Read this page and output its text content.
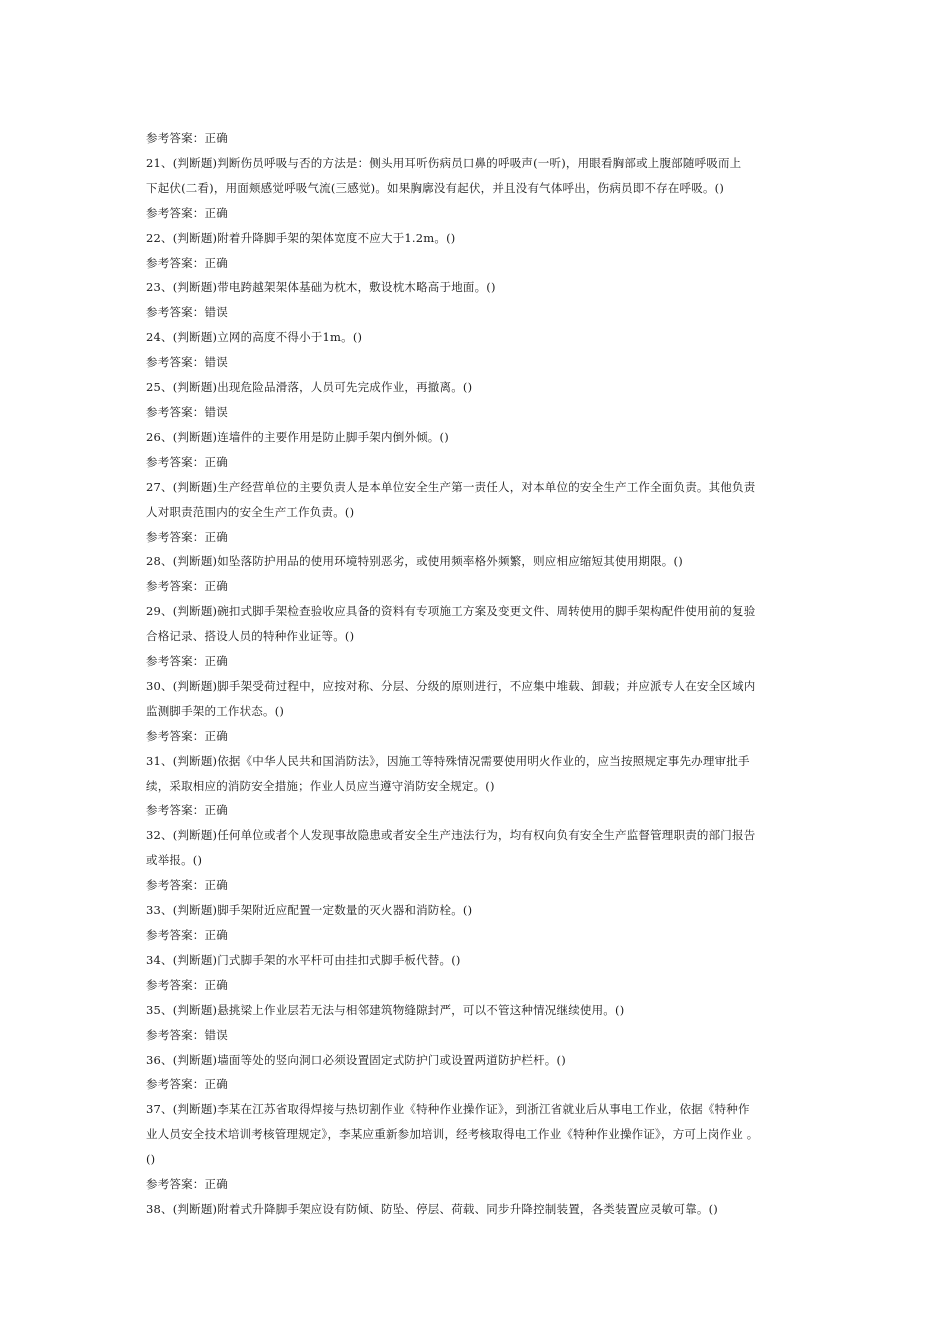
参考答案：正确
21、(判断题)判断伤员呼吸与否的方法是：侧头用耳听伤病员口鼻的呼吸声(一听)，用眼看胸部或上腹部随呼吸而上
下起伏(二看)，用面颊感觉呼吸气流(三感觉)。如果胸廓没有起伏，并且没有气体呼出，伤病员即不存在呼吸。()
参考答案：正确
22、(判断题)附着升降脚手架的架体宽度不应大于1.2m。()
参考答案：正确
23、(判断题)带电跨越架架体基础为枕木，敷设枕木略高于地面。()
参考答案：错误
24、(判断题)立网的高度不得小于1m。()
参考答案：错误
25、(判断题)出现危险品滑落，人员可先完成作业，再撤离。()
参考答案：错误
26、(判断题)连墙件的主要作用是防止脚手架内倒外倾。()
参考答案：正确
27、(判断题)生产经营单位的主要负责人是本单位安全生产第一责任人，对本单位的安全生产工作全面负责。其他负责
人对职责范围内的安全生产工作负责。()
参考答案：正确
28、(判断题)如坠落防护用品的使用环境特别恶劣，或使用频率格外频繁，则应相应缩短其使用期限。()
参考答案：正确
29、(判断题)碗扣式脚手架检查验收应具备的资料有专项施工方案及变更文件、周转使用的脚手架构配件使用前的复验
合格记录、搭设人员的特种作业证等。()
参考答案：正确
30、(判断题)脚手架受荷过程中，应按对称、分层、分级的原则进行，不应集中堆载、卸载；并应派专人在安全区域内
监测脚手架的工作状态。()
参考答案：正确
31、(判断题)依据《中华人民共和国消防法》，因施工等特殊情况需要使用明火作业的，应当按照规定事先办理审批手
续，采取相应的消防安全措施；作业人员应当遵守消防安全规定。()
参考答案：正确
32、(判断题)任何单位或者个人发现事故隐患或者安全生产违法行为，均有权向负有安全生产监督管理职责的部门报告
或举报。()
参考答案：正确
33、(判断题)脚手架附近应配置一定数量的灭火器和消防栓。()
参考答案：正确
34、(判断题)门式脚手架的水平杆可由挂扣式脚手板代替。()
参考答案：正确
35、(判断题)悬挑梁上作业层若无法与相邻建筑物缝隙封严，可以不管这种情况继续使用。()
参考答案：错误
36、(判断题)墙面等处的竖向洞口必须设置固定式防护门或设置两道防护栏杆。()
参考答案：正确
37、(判断题)李某在江苏省取得焊接与热切割作业《特种作业操作证》，到浙江省就业后从事电工作业，依据《特种作
业人员安全技术培训考核管理规定》，李某应重新参加培训，经考核取得电工作业《特种作业操作证》，方可上岗作业 。
()
参考答案：正确
38、(判断题)附着式升降脚手架应设有防倾、防坠、停层、荷载、同步升降控制装置，各类装置应灵敏可靠。()
